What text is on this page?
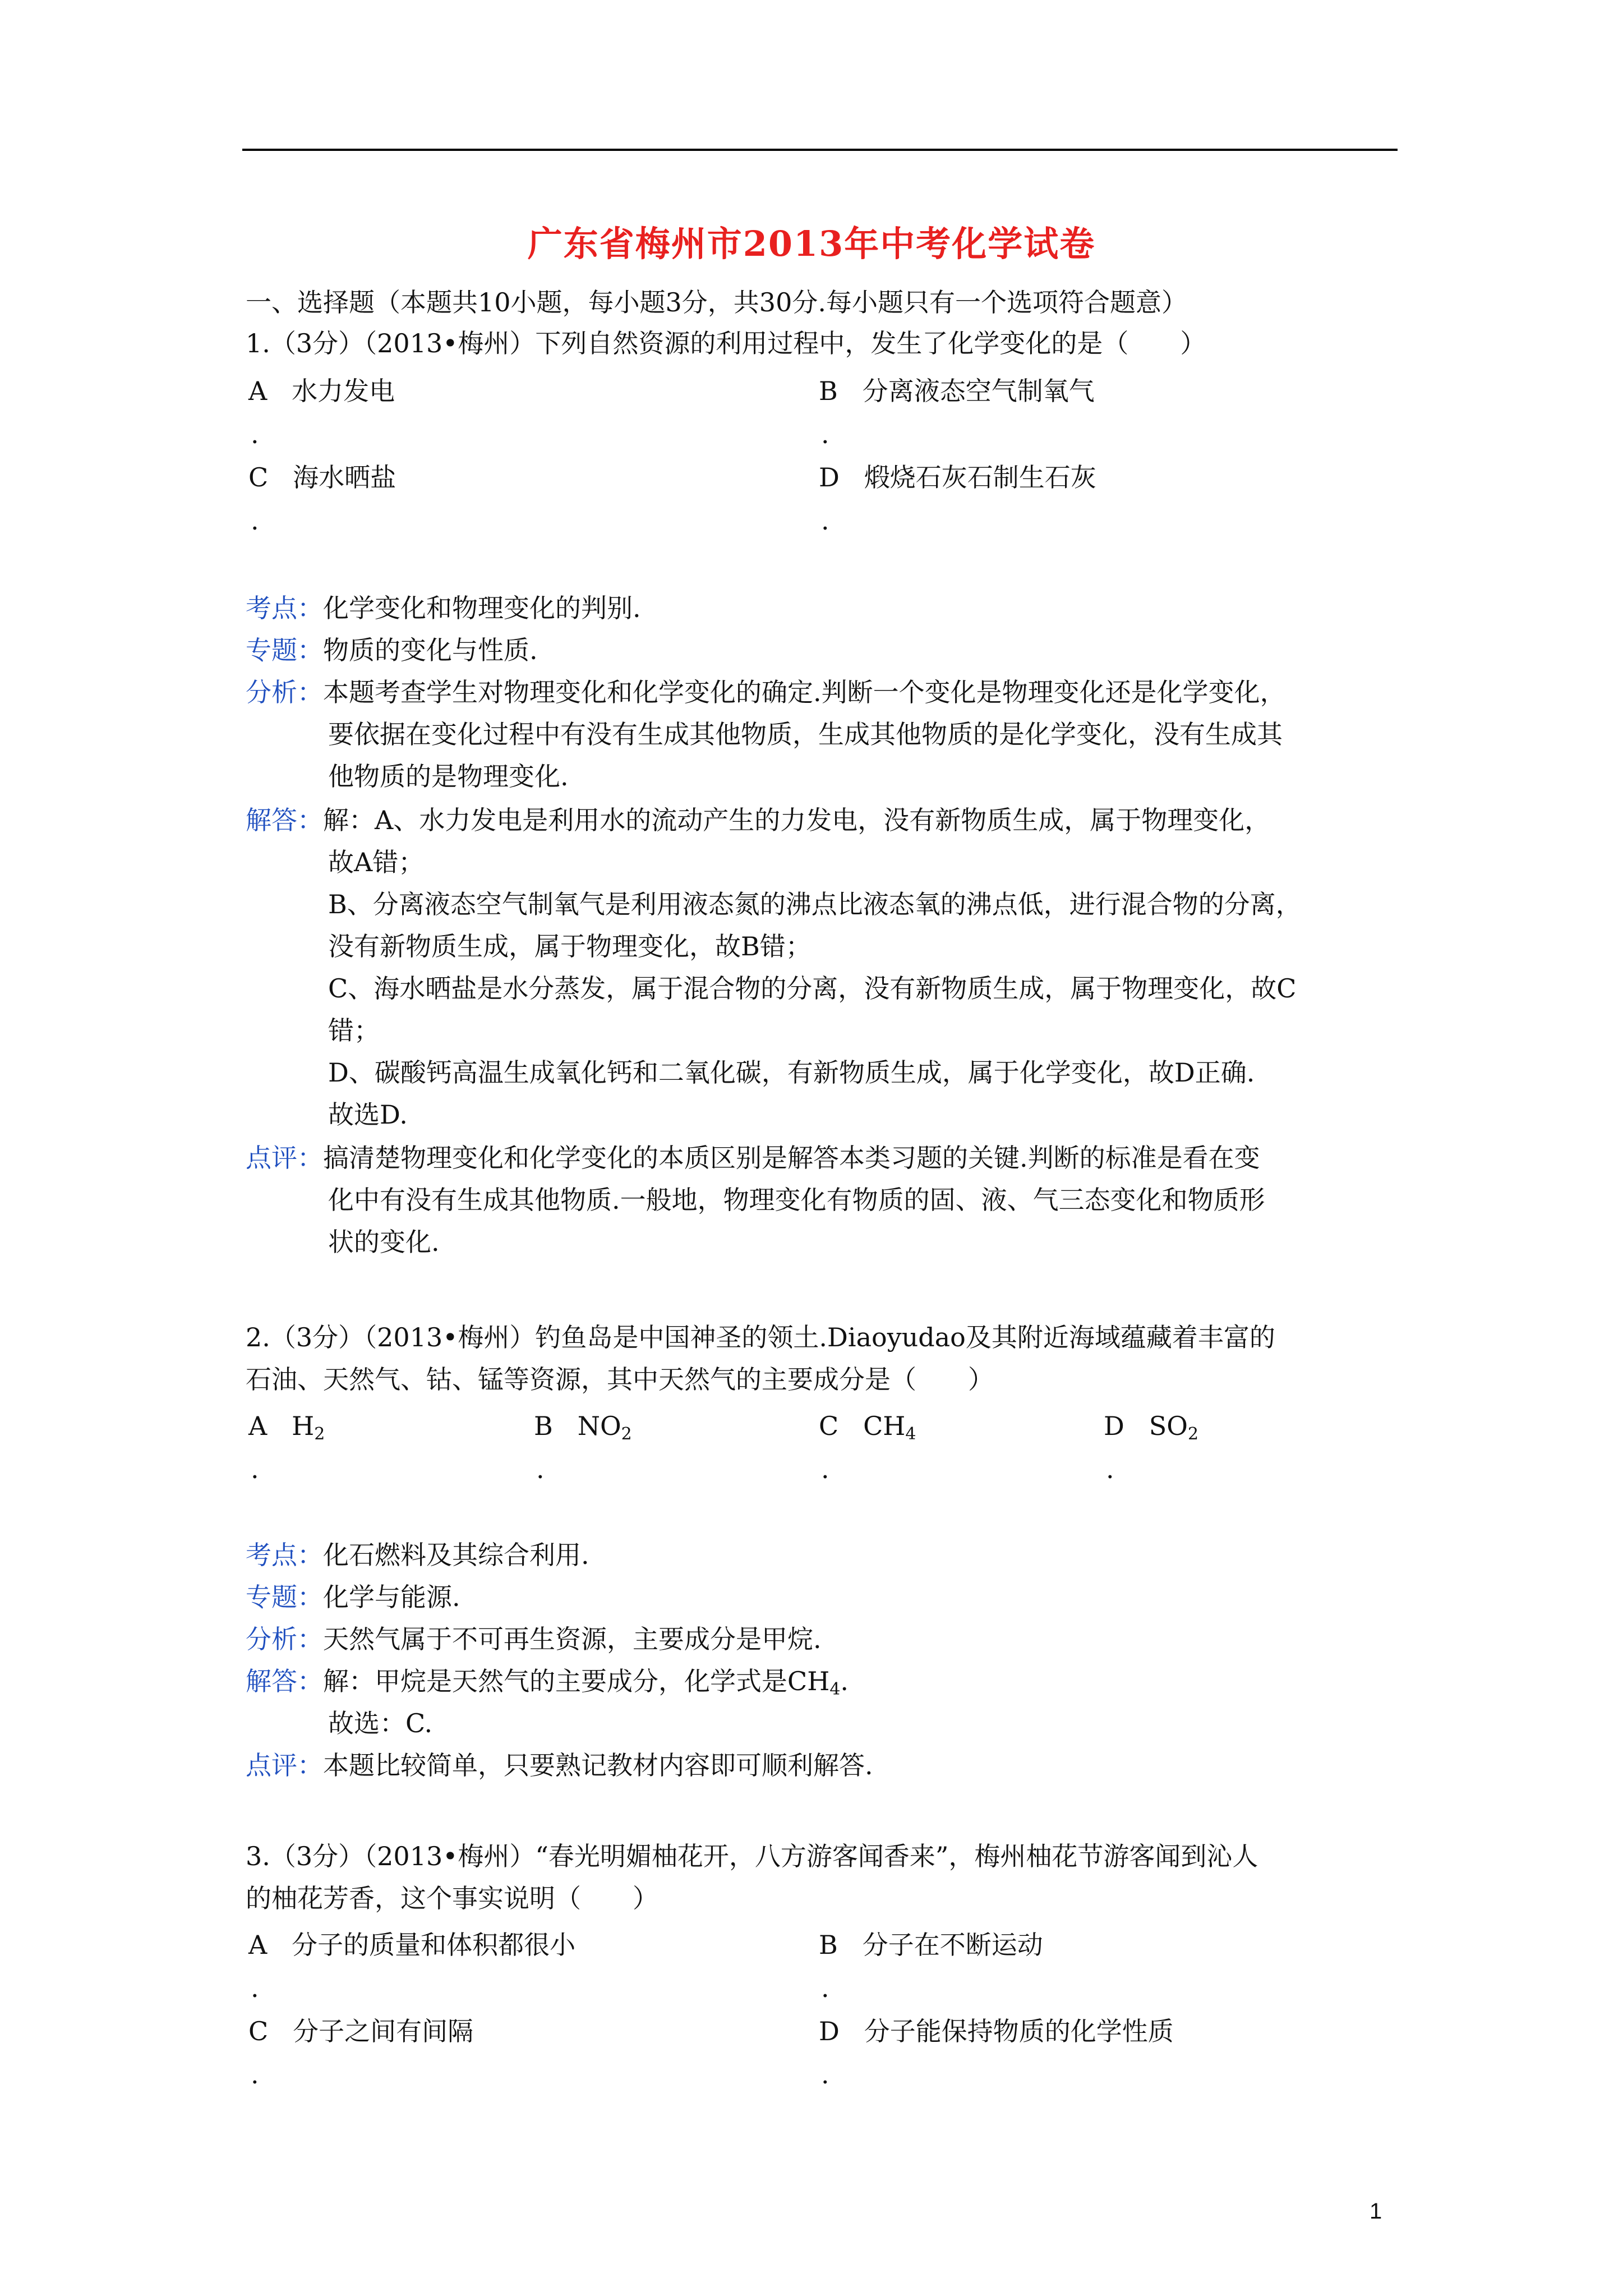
广东省梅州市2013年中考化学试卷
一、选择题（本题共10小题，每小题3分，共30分.每小题只有一个选项符合题意）
1.（3分）（2013•梅州）下列自然资源的利用过程中，发生了化学变化的是（　　）
A 水力发电	B 分离液态空气制氧气
.	.
C 海水晒盐	D 煅烧石灰石制生石灰
.	.
考点：化学变化和物理变化的判别.
专题：物质的变化与性质.
分析：本题考查学生对物理变化和化学变化的确定.判断一个变化是物理变化还是化学变化，
要依据在变化过程中有没有生成其他物质，生成其他物质的是化学变化，没有生成其
他物质的是物理变化.
解答：解：A、水力发电是利用水的流动产生的力发电，没有新物质生成，属于物理变化，
故A错；
B、分离液态空气制氧气是利用液态氮的沸点比液态氧的沸点低，进行混合物的分离，
没有新物质生成，属于物理变化，故B错；
C、海水晒盐是水分蒸发，属于混合物的分离，没有新物质生成，属于物理变化，故C
错；
D、碳酸钙高温生成氧化钙和二氧化碳，有新物质生成，属于化学变化，故D正确.
故选D.
点评：搞清楚物理变化和化学变化的本质区别是解答本类习题的关键.判断的标准是看在变
化中有没有生成其他物质.一般地，物理变化有物质的固、液、气三态变化和物质形
状的变化.
2.（3分）（2013•梅州）钓鱼岛是中国神圣的领土.Diaoyudao及其附近海域蕴藏着丰富的
石油、天然气、钴、锰等资源，其中天然气的主要成分是（　　）
A $H_2$	B $NO_2$	C $CH_4$	D $SO_2$
.	.	.	.
考点：化石燃料及其综合利用.
专题：化学与能源.
分析：天然气属于不可再生资源，主要成分是甲烷.
解答：解：甲烷是天然气的主要成分，化学式是$CH_4$.
故选：C.
点评：本题比较简单，只要熟记教材内容即可顺利解答.
3.（3分）（2013•梅州）“春光明媚柚花开，八方游客闻香来”，梅州柚花节游客闻到沁人
的柚花芳香，这个事实说明（　　）
A 分子的质量和体积都很小	B 分子在不断运动
.	.
C 分子之间有间隔	D 分子能保持物质的化学性质
.	.
1
